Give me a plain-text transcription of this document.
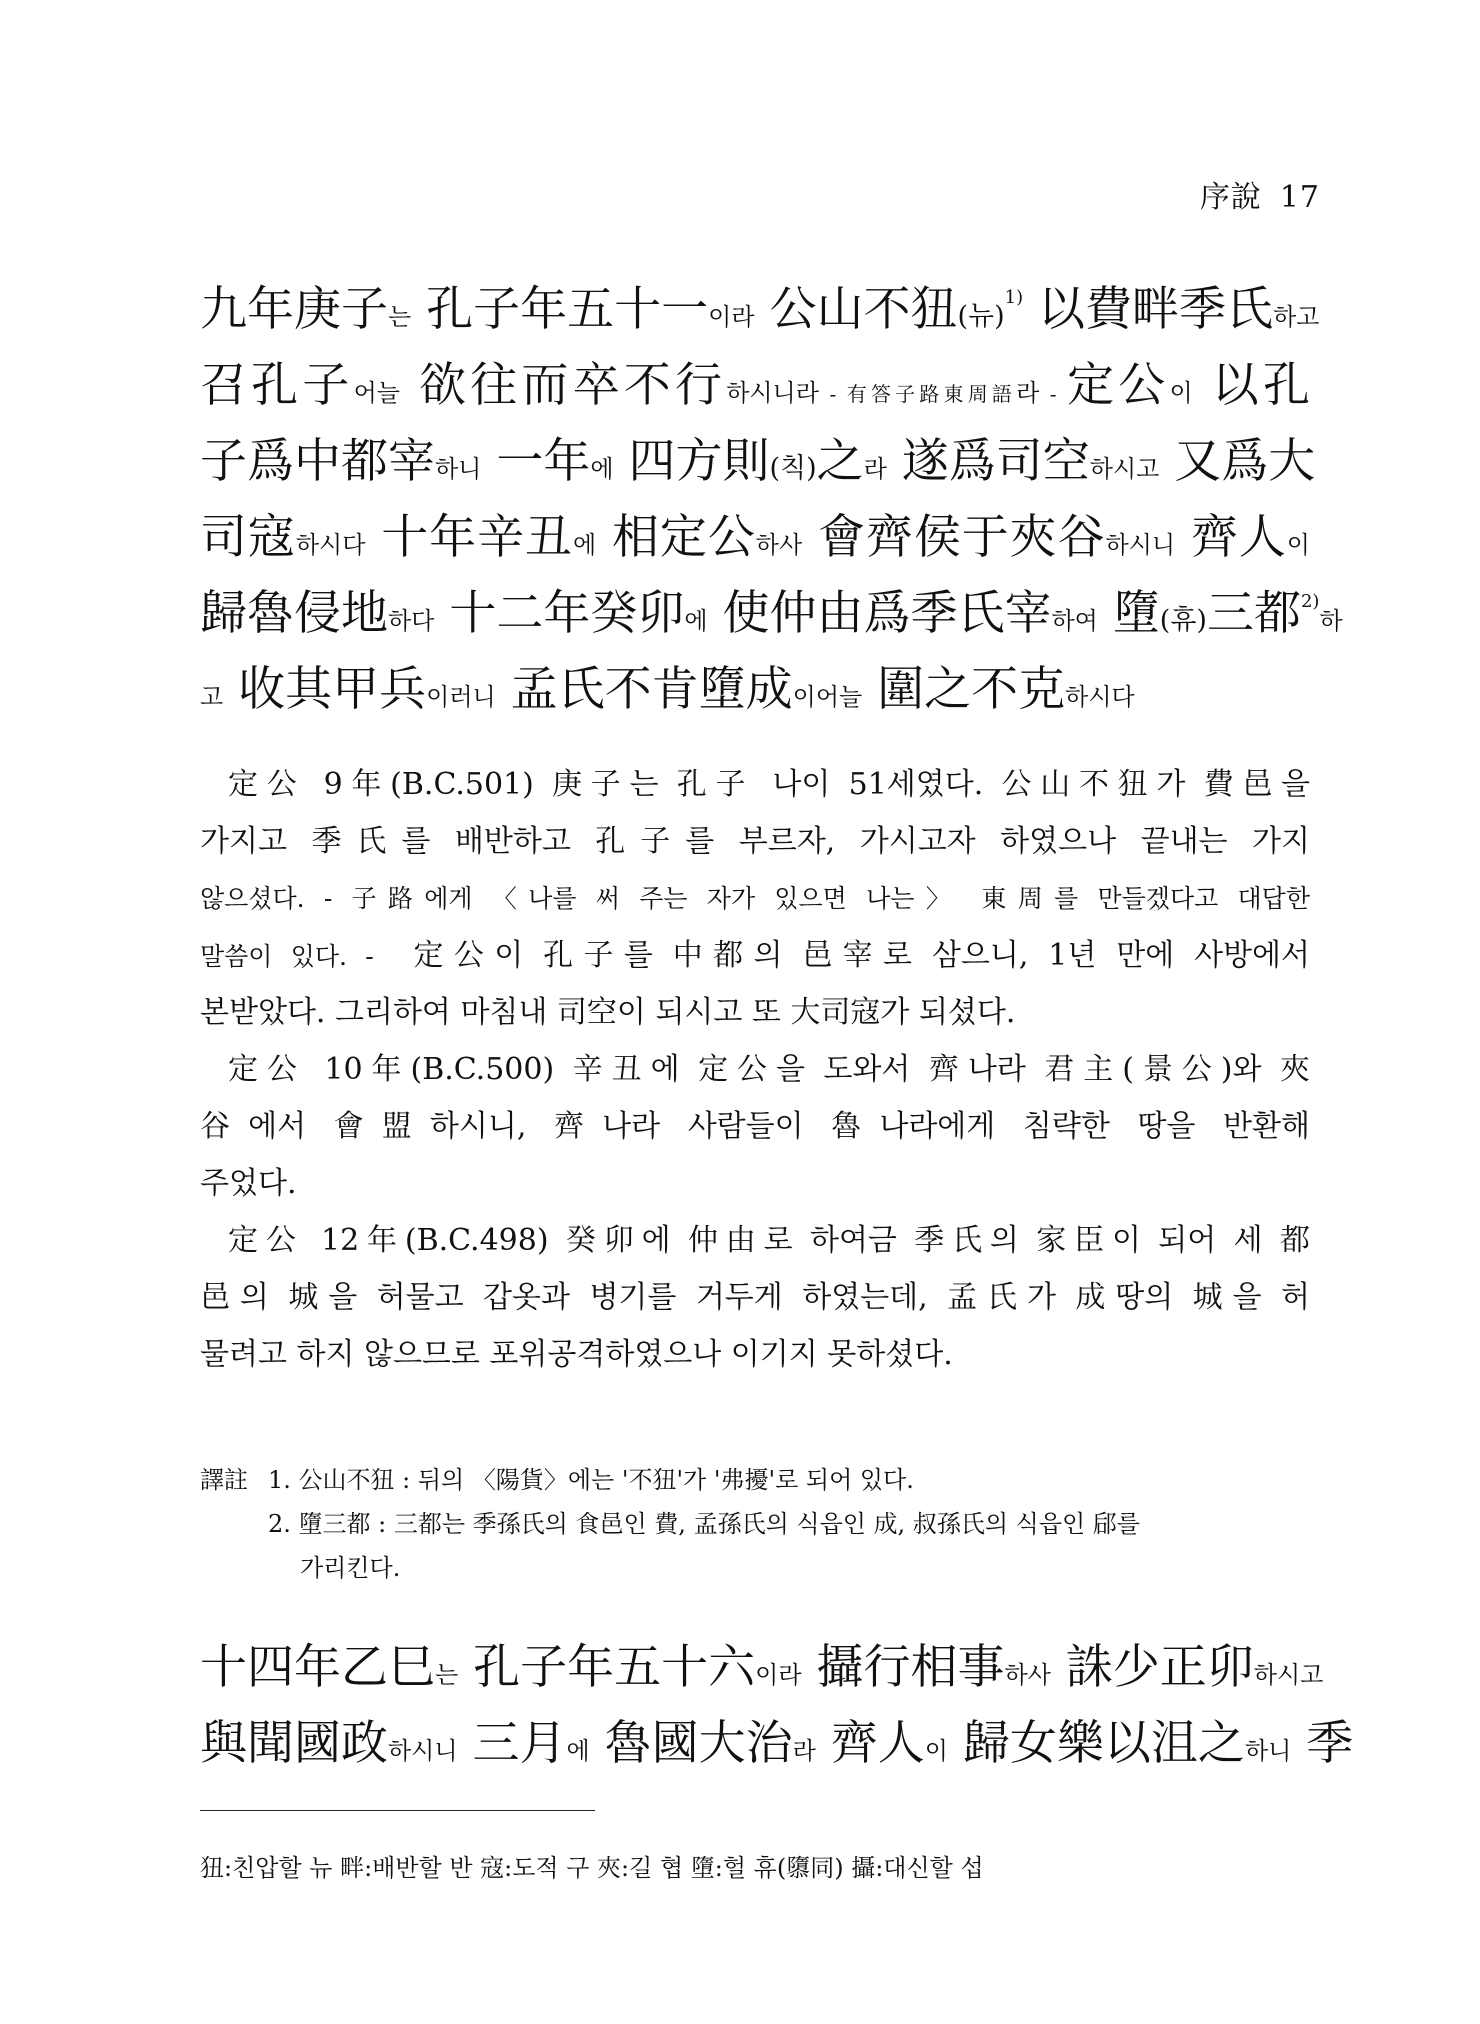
序說 17
九年庚子는 孔子年五十一이라 公山不狃(뉴)$^{1)}$ 以費畔季氏하고
召孔子어늘 欲往而卒不行하시니라 - 有答子路東周語라 - 定公이 以孔
子爲中都宰하니 一年에 四方則(칙)之라 遂爲司空하시고 又爲大
司寇하시다 十年辛丑에 相定公하사 會齊侯于夾谷하시니 齊人이
歸魯侵地하다 十二年癸卯에 使仲由爲季氏宰하여 墮(휴)三都$^{2)}$하
고 收其甲兵이러니 孟氏不肯墮成이어늘 圍之不克하시다
定公 9年(B.C.501) 庚子는 孔子 나이 51세였다. 公山不狃가 費邑을
가지고 季氏를 배반하고 孔子를 부르자, 가시고자 하였으나 끝내는 가지
않으셨다. - 子路에게 〈나를 써 주는 자가 있으면 나는〉 東周를 만들겠다고 대답한
말씀이 있다. -  定公이 孔子를 中都의 邑宰로 삼으니, 1년 만에 사방에서
본받았다. 그리하여 마침내 司空이 되시고 또 大司寇가 되셨다.
定公 10年(B.C.500) 辛丑에 定公을 도와서 齊나라 君主(景公)와 夾
谷에서 會盟하시니, 齊나라 사람들이 魯나라에게 침략한 땅을 반환해
주었다.
定公 12年(B.C.498) 癸卯에 仲由로 하여금 季氏의 家臣이 되어 세 都
邑의 城을 허물고 갑옷과 병기를 거두게 하였는데, 孟氏가 成땅의 城을 허
물려고 하지 않으므로 포위공격하였으나 이기지 못하셨다.
譯註 1. 公山不狃 : 뒤의 〈陽貨〉에는 '不狃'가 '弗擾'로 되어 있다.
2. 墮三都 : 三都는 季孫氏의 食邑인 費, 孟孫氏의 식읍인 成, 叔孫氏의 식읍인 郈를
가리킨다.
十四年乙巳는 孔子年五十六이라 攝行相事하사 誅少正卯하시고
與聞國政하시니 三月에 魯國大治라 齊人이 歸女樂以沮之하니 季
狃:친압할 뉴 畔:배반할 반 寇:도적 구 夾:길 협 墮:헐 휴(隳同) 攝:대신할 섭
